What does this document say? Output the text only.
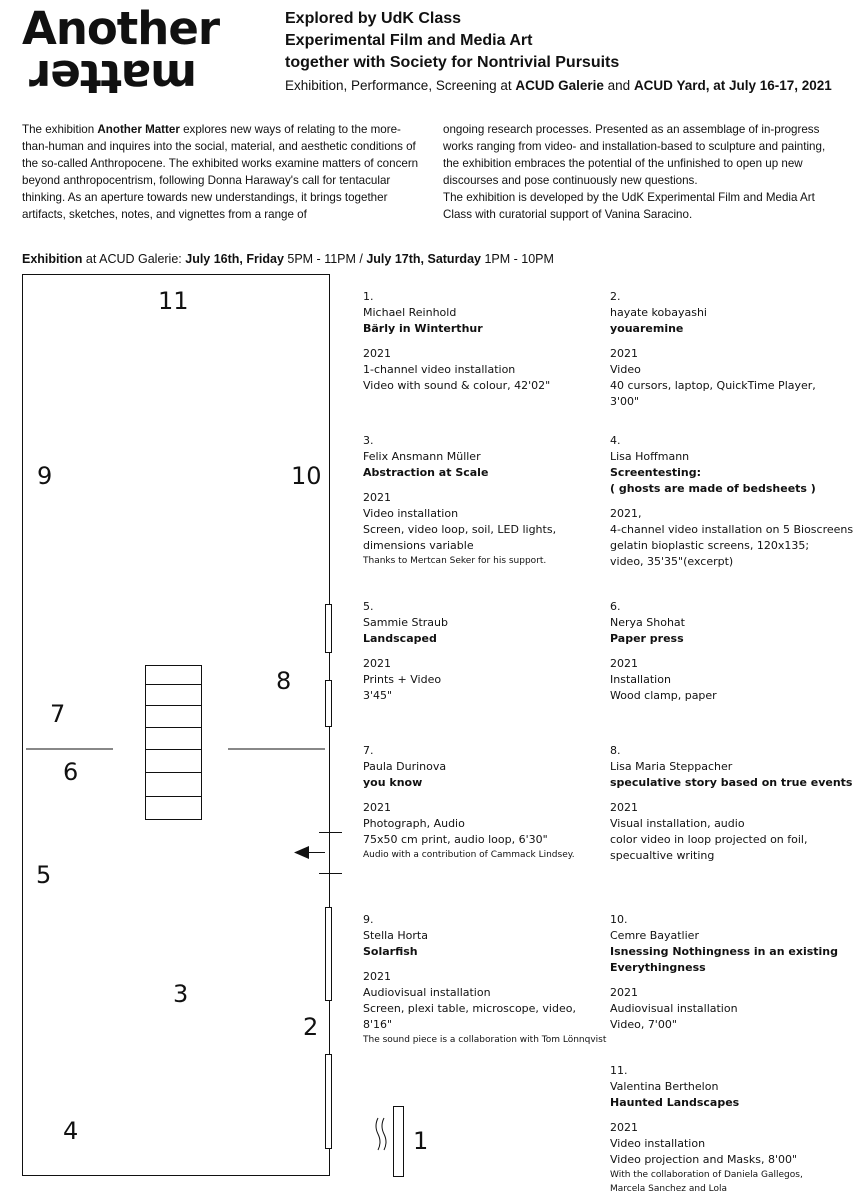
Another
matter
Explored by UdK Class
Experimental Film and Media Art
together with Society for Nontrivial Pursuits
Exhibition, Performance, Screening at ACUD Galerie and ACUD Yard, at July 16-17, 2021
The exhibition Another Matter explores new ways of relating to the more-than-human and inquires into the social, material, and aesthetic conditions of the so-called Anthropocene. The exhibited works examine matters of concern beyond anthropocentrism, following Donna Haraway's call for tentacular thinking. As an aperture towards new understandings, it brings together artifacts, sketches, notes, and vignettes from a range of
ongoing research processes. Presented as an assemblage of in-progress works ranging from video- and installation-based to sculpture and painting, the exhibition embraces the potential of the unfinished to open up new discourses and pose continuously new questions.
The exhibition is developed by the UdK Experimental Film and Media Art Class with curatorial support of Vanina Saracino.
Exhibition at ACUD Galerie: July 16th, Friday 5PM - 11PM / July 17th, Saturday 1PM - 10PM
11
9	10
8
7
6
5
3
2
4	1
1.
Michael Reinhold
Bärly in Winterthur
2021
1-channel video installation
Video with sound & colour, 42'02"
2.
hayate kobayashi
youaremine
2021
Video
40 cursors, laptop, QuickTime Player,
3'00"
3.
Felix Ansmann Müller
Abstraction at Scale
2021
Video installation
Screen, video loop, soil, LED lights,
dimensions variable
Thanks to Mertcan Seker for his support.
4.
Lisa Hoffmann
Screentesting:
( ghosts are made of bedsheets )
2021,
4-channel video installation on 5 Bioscreens
gelatin bioplastic screens, 120x135;
video, 35'35"(excerpt)
5.
Sammie Straub
Landscaped
2021
Prints + Video
3'45"
6.
Nerya Shohat
Paper press
2021
Installation
Wood clamp, paper
7.
Paula Durinova
you know
2021
Photograph, Audio
75x50 cm print, audio loop, 6'30"
Audio with a contribution of Cammack Lindsey.
8.
Lisa Maria Steppacher
speculative story based on true events
2021
Visual installation, audio
color video in loop projected on foil,
specualtive writing
9.
Stella Horta
Solarfish
2021
Audiovisual installation
Screen, plexi table, microscope, video, 8'16"
The sound piece is a collaboration with Tom Lönnqvist
10.
Cemre Bayatlier
Isnessing Nothingness in an existing Everythingness
2021
Audiovisual installation
Video, 7'00"
11.
Valentina Berthelon
Haunted Landscapes
2021
Video installation
Video projection and Masks, 8'00"
With the collaboration of Daniela Gallegos,
Marcela Sanchez and Lola
